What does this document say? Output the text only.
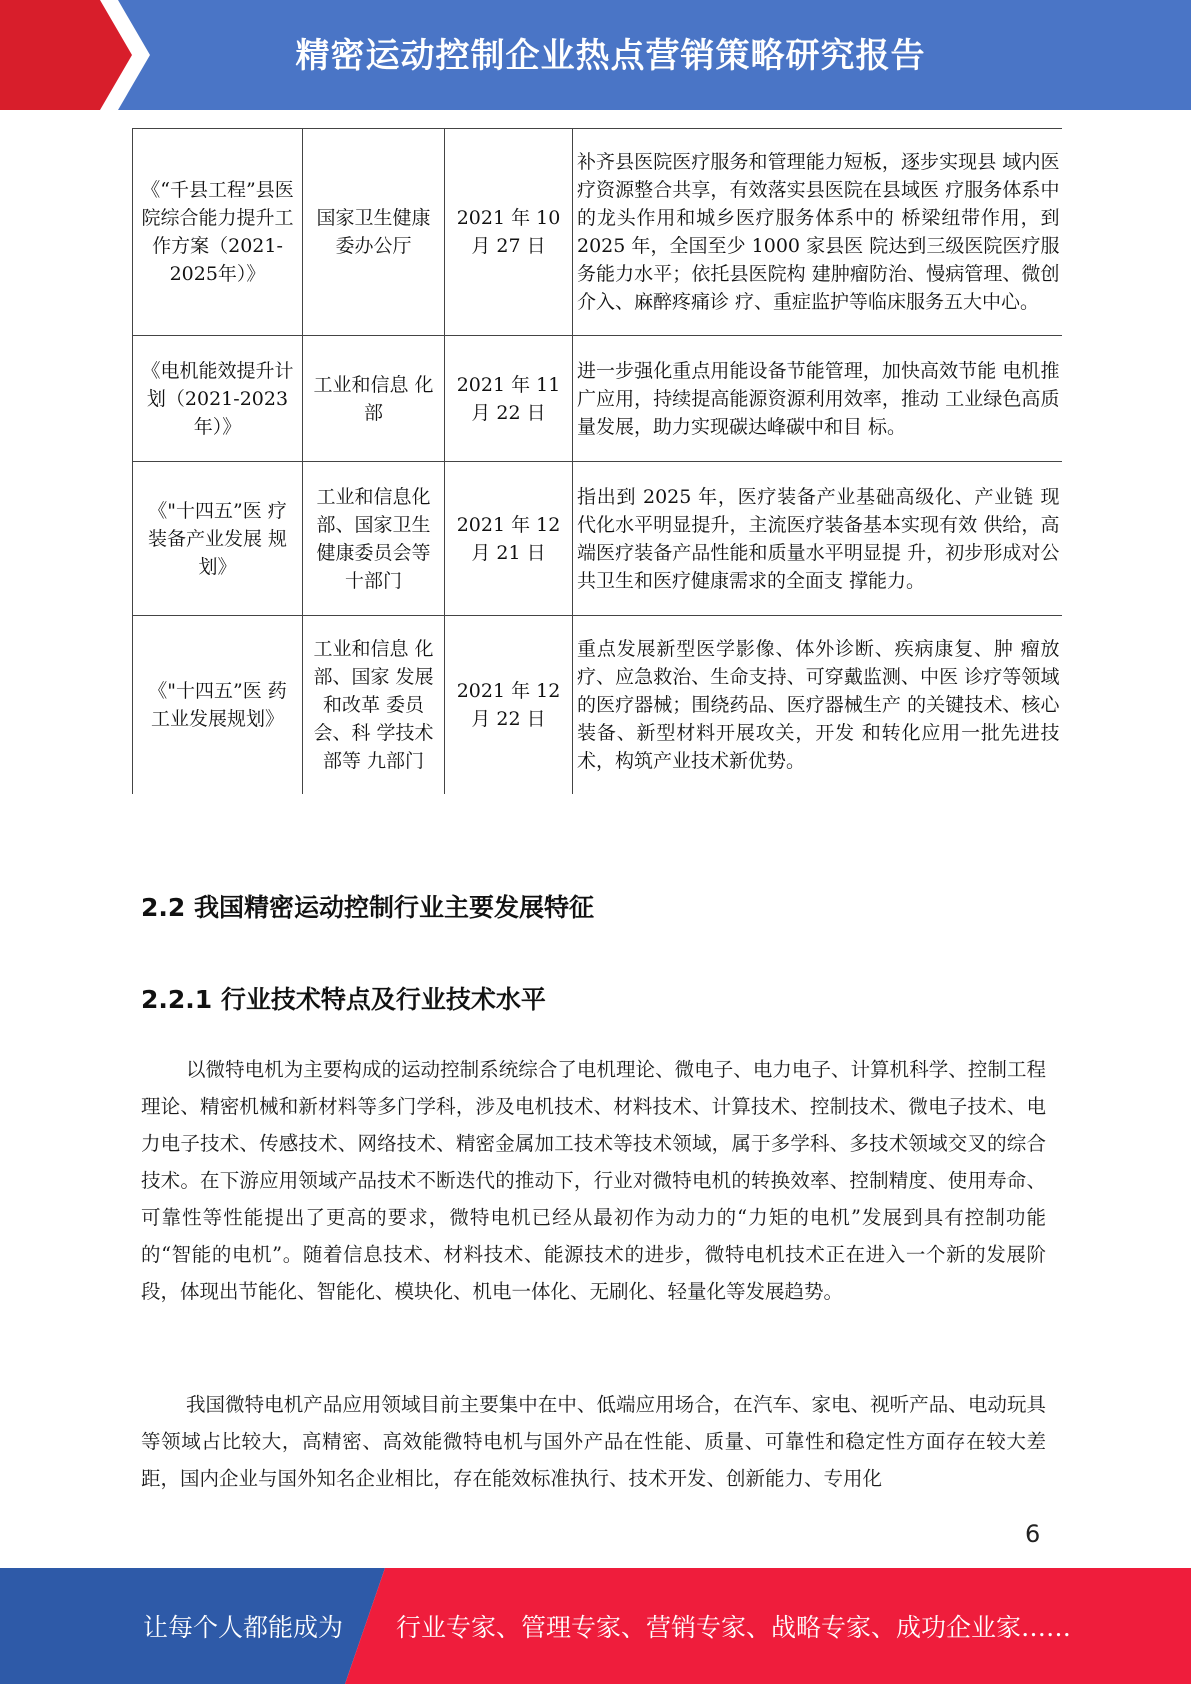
精密运动控制企业热点营销策略研究报告
《“千县工程”县医院综合能力提升工作方案（2021-2025年）》	国家卫生健康委办公厅	2021 年 10 月 27 日	补齐县医院医疗服务和管理能力短板，逐步实现县 域内医疗资源整合共享，有效落实县医院在县域医 疗服务体系中的龙头作用和城乡医疗服务体系中的 桥梁纽带作用，到 2025 年，全国至少 1000 家县医 院达到三级医院医疗服务能力水平；依托县医院构 建肿瘤防治、慢病管理、微创介入、麻醉疼痛诊 疗、重症监护等临床服务五大中心。
《电机能效提升计划（2021-2023年）》	工业和信息 化部	2021 年 11 月 22 日	进一步强化重点用能设备节能管理，加快高效节能 电机推广应用，持续提高能源资源利用效率，推动 工业绿色高质量发展，助力实现碳达峰碳中和目 标。
《"十四五”医 疗装备产业发展 规划》	工业和信息化部、国家卫生健康委员会等十部门	2021 年 12 月 21 日	指出到 2025 年，医疗装备产业基础高级化、产业链 现代化水平明显提升，主流医疗装备基本实现有效 供给，高端医疗装备产品性能和质量水平明显提 升，初步形成对公共卫生和医疗健康需求的全面支 撑能力。
《"十四五”医 药工业发展规划》	工业和信息 化部、国家 发展和改革 委员会、科 学技术部等 九部门	2021 年 12 月 22 日	重点发展新型医学影像、体外诊断、疾病康复、肿 瘤放疗、应急救治、生命支持、可穿戴监测、中医 诊疗等领域的医疗器械；围绕药品、医疗器械生产 的关键技术、核心装备、新型材料开展攻关，开发 和转化应用一批先进技术，构筑产业技术新优势。
2.2 我国精密运动控制行业主要发展特征
2.2.1 行业技术特点及行业技术水平

以微特电机为主要构成的运动控制系统综合了电机理论、微电子、电力电子、计算机科学、控制工程理论、精密机械和新材料等多门学科，涉及电机技术、材料技术、计算技术、控制技术、微电子技术、电力电子技术、传感技术、网络技术、精密金属加工技术等技术领域，属于多学科、多技术领域交叉的综合技术。在下游应用领域产品技术不断迭代的推动下，行业对微特电机的转换效率、控制精度、使用寿命、可靠性等性能提出了更高的要求，微特电机已经从最初作为动力的“力矩的电机”发展到具有控制功能的“智能的电机”。随着信息技术、材料技术、能源技术的进步，微特电机技术正在进入一个新的发展阶段，体现出节能化、智能化、模块化、机电一体化、无刷化、轻量化等发展趋势。

我国微特电机产品应用领域目前主要集中在中、低端应用场合，在汽车、家电、视听产品、电动玩具等领域占比较大，高精密、高效能微特电机与国外产品在性能、质量、可靠性和稳定性方面存在较大差距，国内企业与国外知名企业相比，存在能效标准执行、技术开发、创新能力、专用化

6
让每个人都能成为 行业专家、管理专家、营销专家、战略专家、成功企业家……
